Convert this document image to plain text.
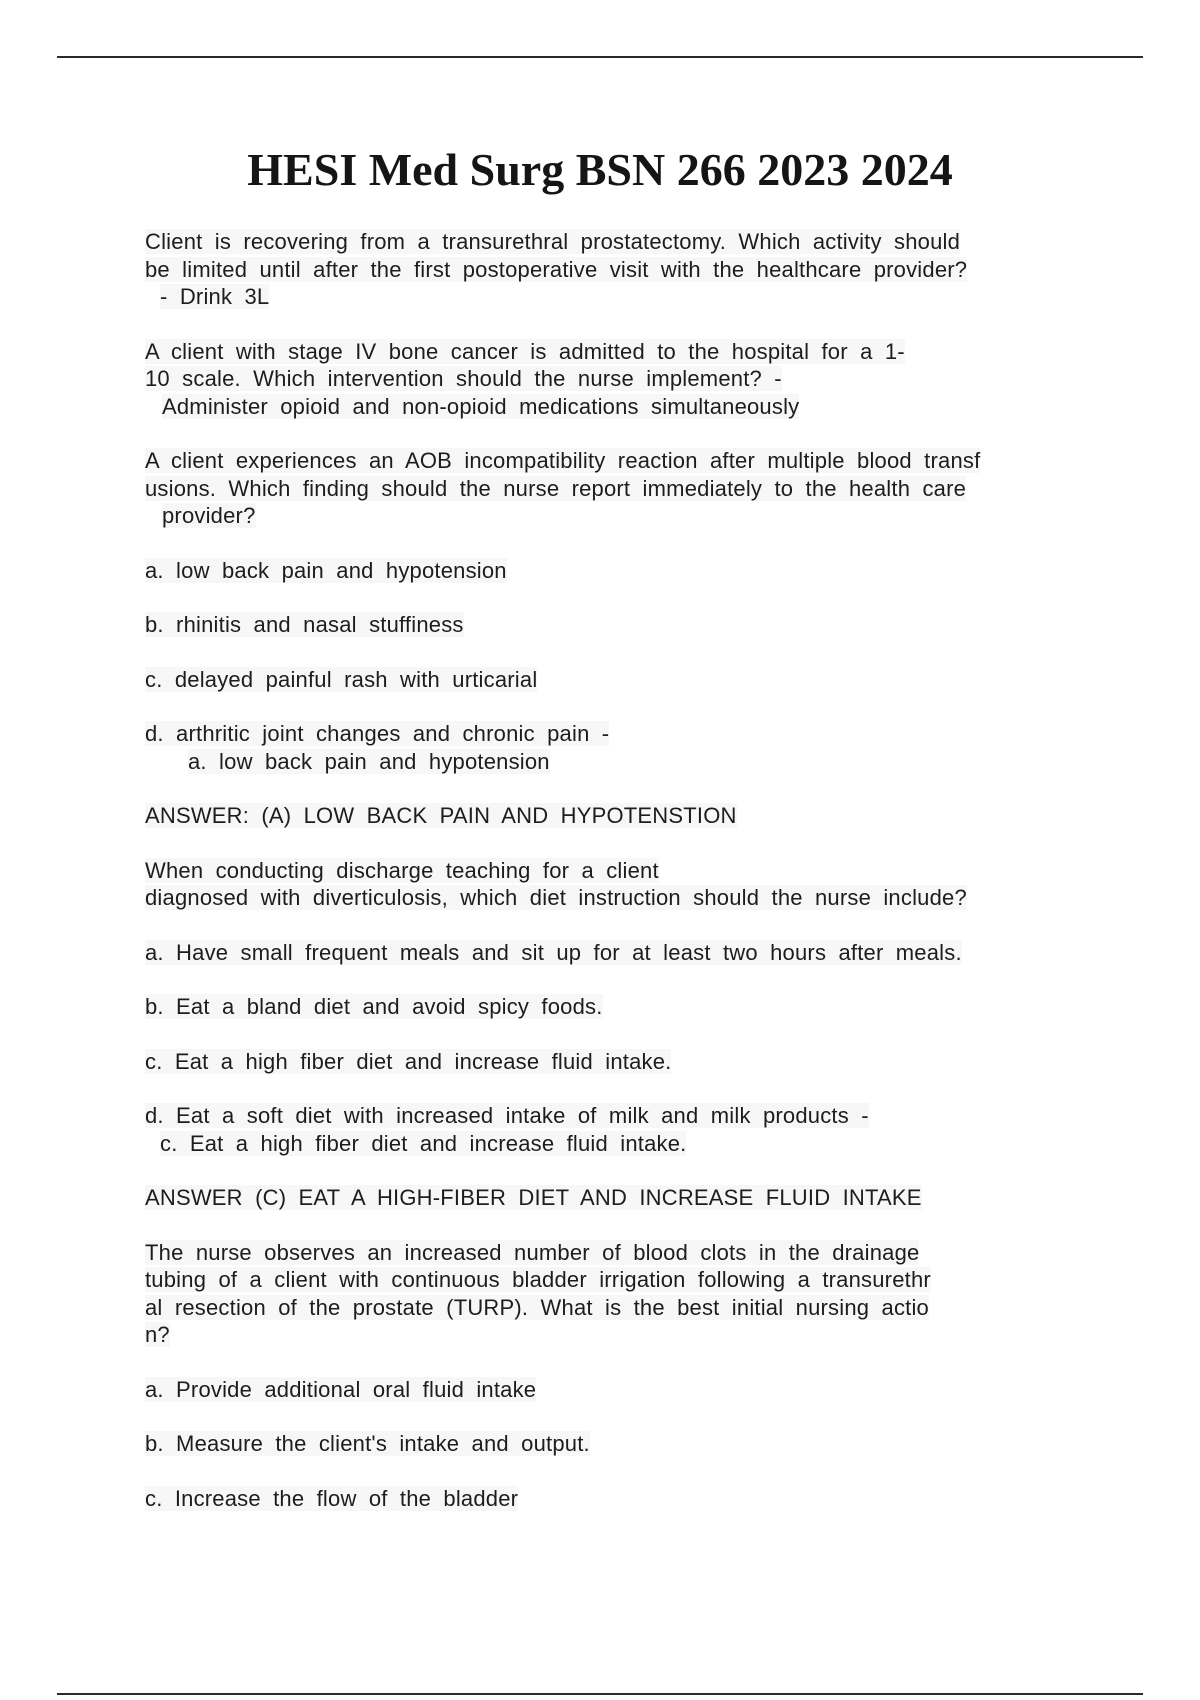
HESI Med Surg BSN 266 2023 2024
Client is recovering from a transurethral prostatectomy. Which activity should
be limited until after the first postoperative visit with the healthcare provider?
- Drink 3L
A client with stage IV bone cancer is admitted to the hospital for a 1-
10 scale. Which intervention should the nurse implement? -
Administer opioid and non-opioid medications simultaneously
A client experiences an AOB incompatibility reaction after multiple blood transf
usions. Which finding should the nurse report immediately to the health care
provider?
a. low back pain and hypotension
b. rhinitis and nasal stuffiness
c. delayed painful rash with urticarial
d. arthritic joint changes and chronic pain -
a. low back pain and hypotension
ANSWER: (A) LOW BACK PAIN AND HYPOTENSTION
When conducting discharge teaching for a client
diagnosed with diverticulosis, which diet instruction should the nurse include?
a. Have small frequent meals and sit up for at least two hours after meals.
b. Eat a bland diet and avoid spicy foods.
c. Eat a high fiber diet and increase fluid intake.
d. Eat a soft diet with increased intake of milk and milk products -
c. Eat a high fiber diet and increase fluid intake.
ANSWER (C) EAT A HIGH-FIBER DIET AND INCREASE FLUID INTAKE
The nurse observes an increased number of blood clots in the drainage
tubing of a client with continuous bladder irrigation following a transurethr
al resection of the prostate (TURP). What is the best initial nursing actio
n?
a. Provide additional oral fluid intake
b. Measure the client's intake and output.
c. Increase the flow of the bladder
